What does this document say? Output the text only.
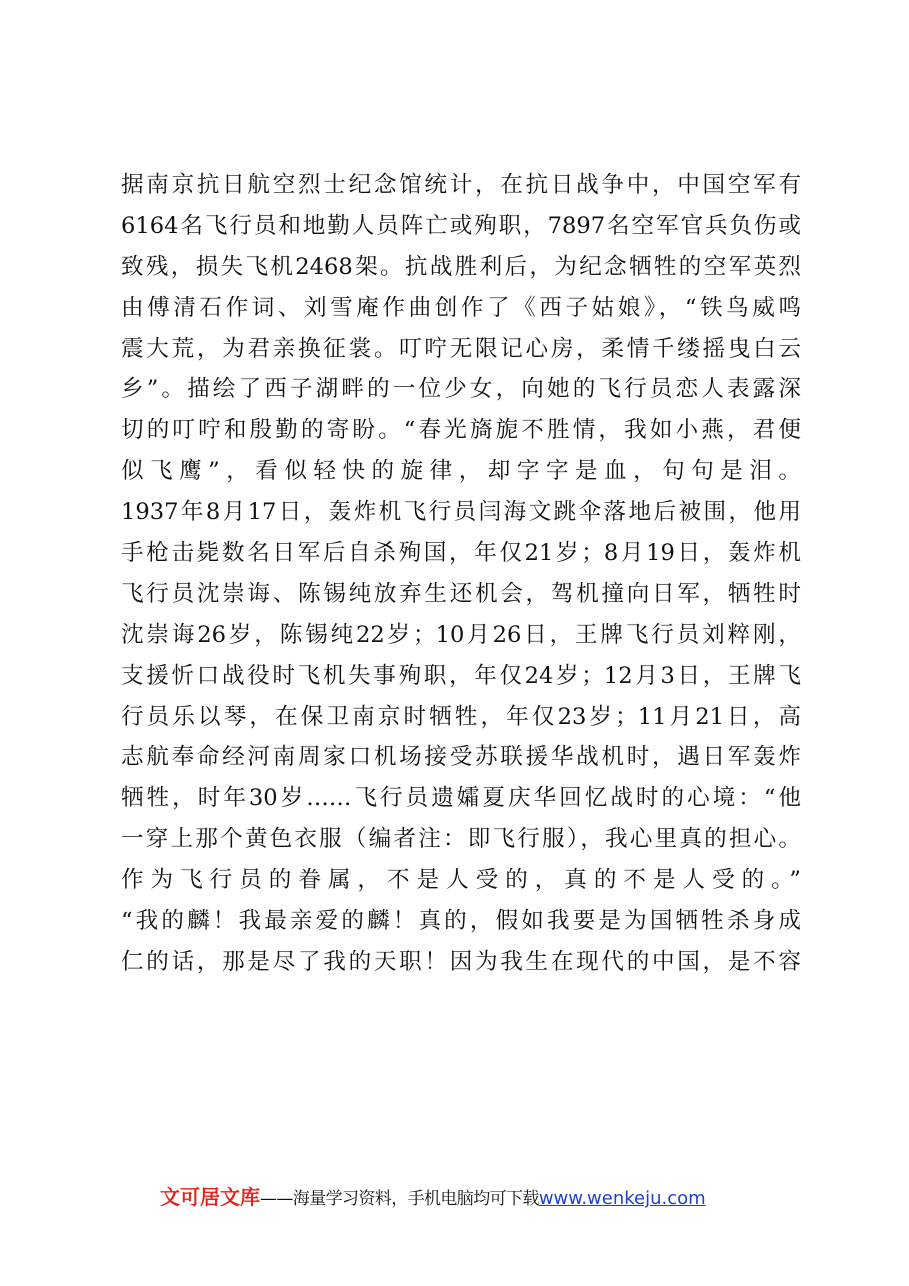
据南京抗日航空烈士纪念馆统计，在抗日战争中，中国空军有
6164名飞行员和地勤人员阵亡或殉职，7897名空军官兵负伤或
致残，损失飞机2468架。抗战胜利后，为纪念牺牲的空军英烈
由傅清石作词、刘雪庵作曲创作了《西子姑娘》，“铁鸟威鸣
震大荒，为君亲换征裳。叮咛无限记心房，柔情千缕摇曳白云
乡”。描绘了西子湖畔的一位少女，向她的飞行员恋人表露深
切的叮咛和殷勤的寄盼。“春光旖旎不胜情，我如小燕，君便
似飞鹰”，看似轻快的旋律，却字字是血，句句是泪。
1937年8月17日，轰炸机飞行员闫海文跳伞落地后被围，他用
手枪击毙数名日军后自杀殉国，年仅21岁；8月19日，轰炸机
飞行员沈崇诲、陈锡纯放弃生还机会，驾机撞向日军，牺牲时
沈崇诲26岁，陈锡纯22岁；10月26日，王牌飞行员刘粹刚，
支援忻口战役时飞机失事殉职，年仅24岁；12月3日，王牌飞
行员乐以琴，在保卫南京时牺牲，年仅23岁；11月21日，高
志航奉命经河南周家口机场接受苏联援华战机时，遇日军轰炸
牺牲，时年30岁……飞行员遗孀夏庆华回忆战时的心境：“他
一穿上那个黄色衣服（编者注：即飞行服），我心里真的担心。
作为飞行员的眷属，不是人受的，真的不是人受的。”
“我的麟！我最亲爱的麟！真的，假如我要是为国牺牲杀身成
仁的话，那是尽了我的天职！因为我生在现代的中国，是不容
文可居文库——海量学习资料，手机电脑均可下载www.wenkeju.com
